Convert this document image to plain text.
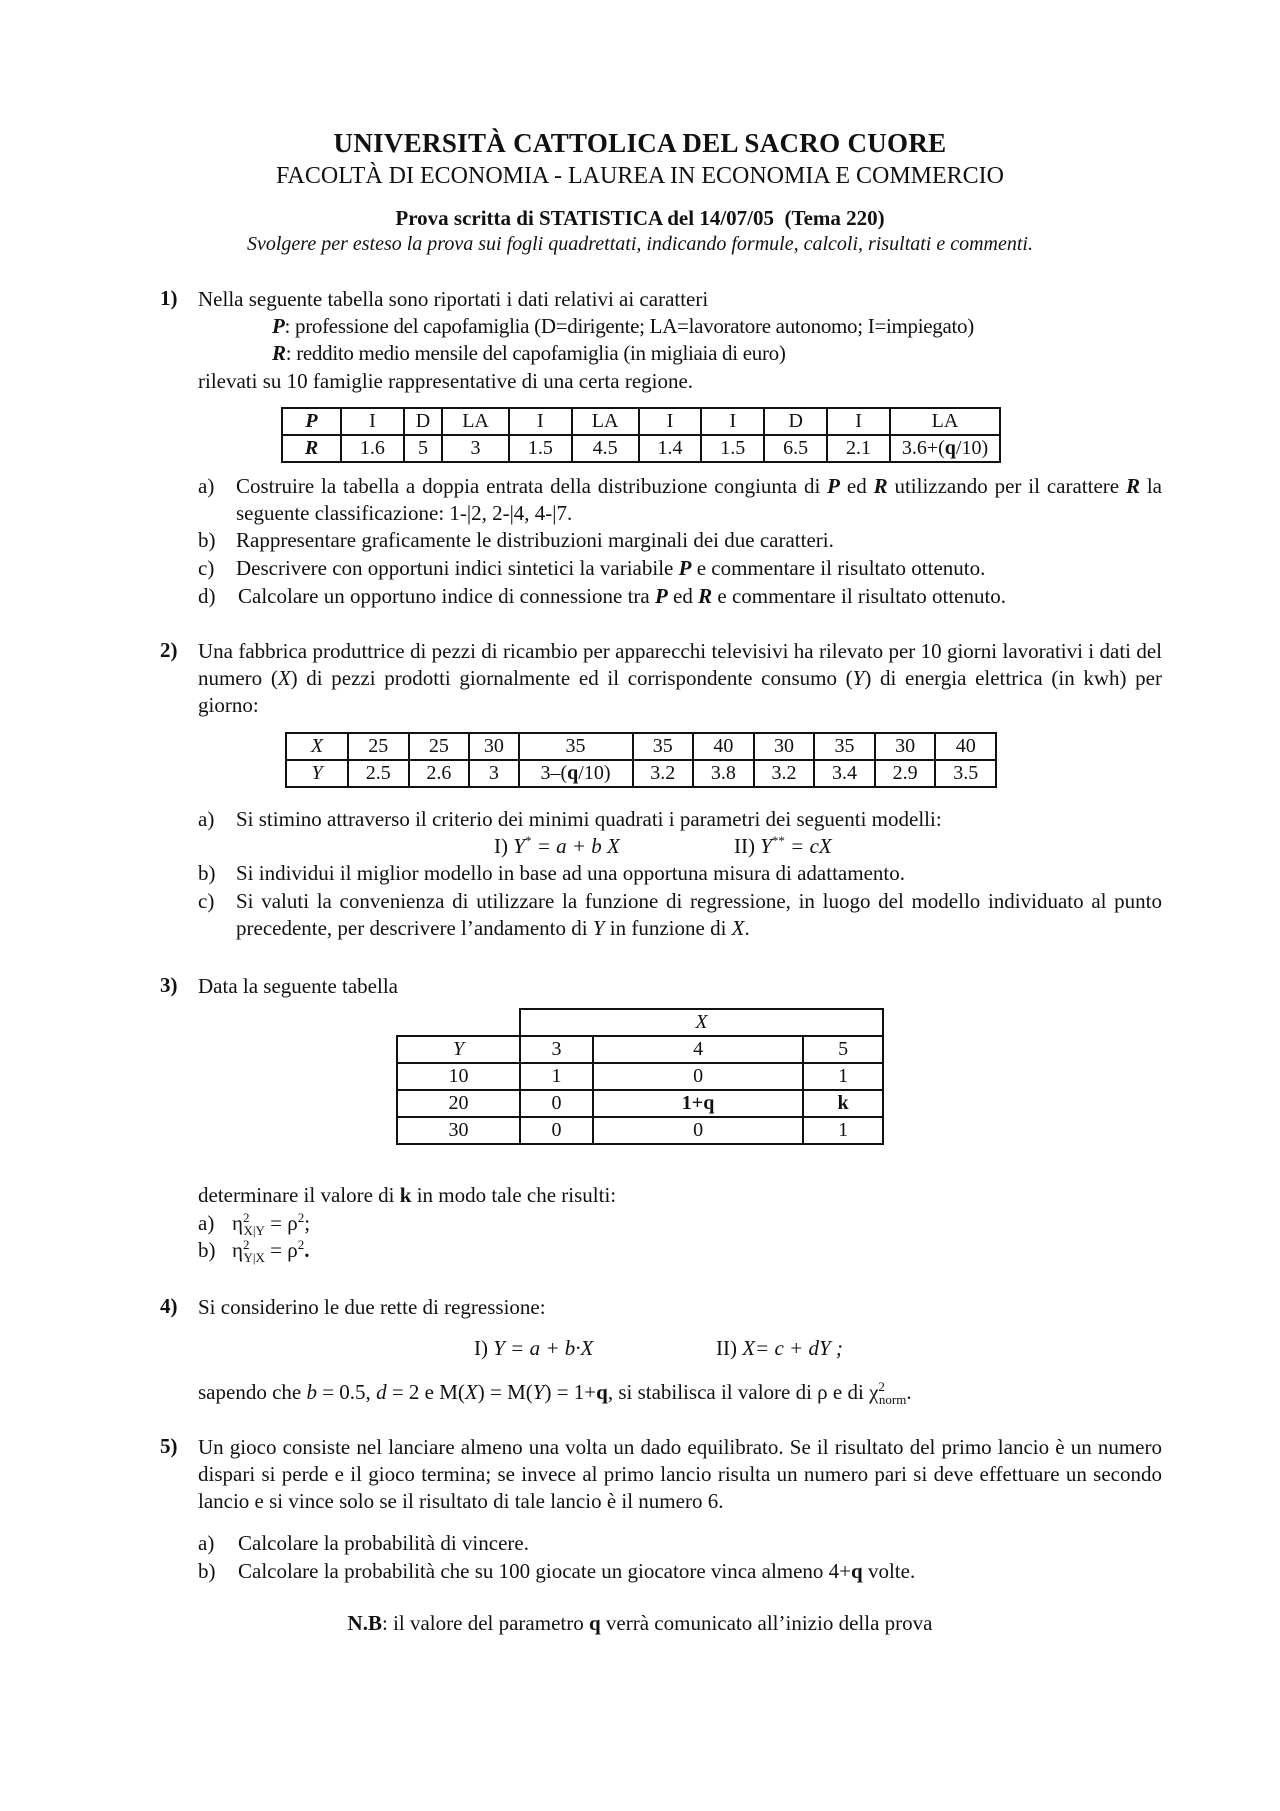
UNIVERSITÀ CATTOLICA DEL SACRO CUORE
FACOLTÀ DI ECONOMIA - LAUREA IN ECONOMIA E COMMERCIO
Prova scritta di STATISTICA del 14/07/05  (Tema 220)
Svolgere per esteso la prova sui fogli quadrettati, indicando formule, calcoli, risultati e commenti.
1) Nella seguente tabella sono riportati i dati relativi ai caratteri
P: professione del capofamiglia (D=dirigente; LA=lavoratore autonomo; I=impiegato)
R: reddito medio mensile del capofamiglia (in migliaia di euro)
rilevati su 10 famiglie rappresentative di una certa regione.
P	I	D	LA	I	LA	I	I	D	I	LA
R	1.6	5	3	1.5	4.5	1.4	1.5	6.5	2.1	3.6+(q/10)
a) Costruire la tabella a doppia entrata della distribuzione congiunta di P ed R utilizzando per il carattere R la seguente classificazione: 1-|2, 2-|4, 4-|7.
b) Rappresentare graficamente le distribuzioni marginali dei due caratteri.
c) Descrivere con opportuni indici sintetici la variabile P e commentare il risultato ottenuto.
d) Calcolare un opportuno indice di connessione tra P ed R e commentare il risultato ottenuto.
2) Una fabbrica produttrice di pezzi di ricambio per apparecchi televisivi ha rilevato per 10 giorni lavorativi i dati del numero (X) di pezzi prodotti giornalmente ed il corrispondente consumo (Y) di energia elettrica (in kwh) per giorno:
X	25	25	30	35	35	40	30	35	30	40
Y	2.5	2.6	3	3–(q/10)	3.2	3.8	3.2	3.4	2.9	3.5
a) Si stimino attraverso il criterio dei minimi quadrati i parametri dei seguenti modelli:
I) Y* = a + b X	II) Y** = cX
b) Si individui il miglior modello in base ad una opportuna misura di adattamento.
c) Si valuti la convenienza di utilizzare la funzione di regressione, in luogo del modello individuato al punto precedente, per descrivere l’andamento di Y in funzione di X.
3) Data la seguente tabella
	X		
Y	3	4	5
10	1	0	1
20	0	1+q	k
30	0	0	1
determinare il valore di k in modo tale che risulti:
a) $\eta^2_{X|Y} = \rho^2$;
b) $\eta^2_{Y|X} = \rho^2$.
4) Si considerino le due rette di regressione:
I) Y = a + b·X	II) X= c + dY ;
sapendo che b = 0.5, d = 2 e M(X) = M(Y) = 1+q, si stabilisca il valore di ρ e di $\chi^2_{norm}$.
5) Un gioco consiste nel lanciare almeno una volta un dado equilibrato. Se il risultato del primo lancio è un numero dispari si perde e il gioco termina; se invece al primo lancio risulta un numero pari si deve effettuare un secondo lancio e si vince solo se il risultato di tale lancio è il numero 6.
a) Calcolare la probabilità di vincere.
b) Calcolare la probabilità che su 100 giocate un giocatore vinca almeno 4+q volte.
N.B: il valore del parametro q verrà comunicato all’inizio della prova
